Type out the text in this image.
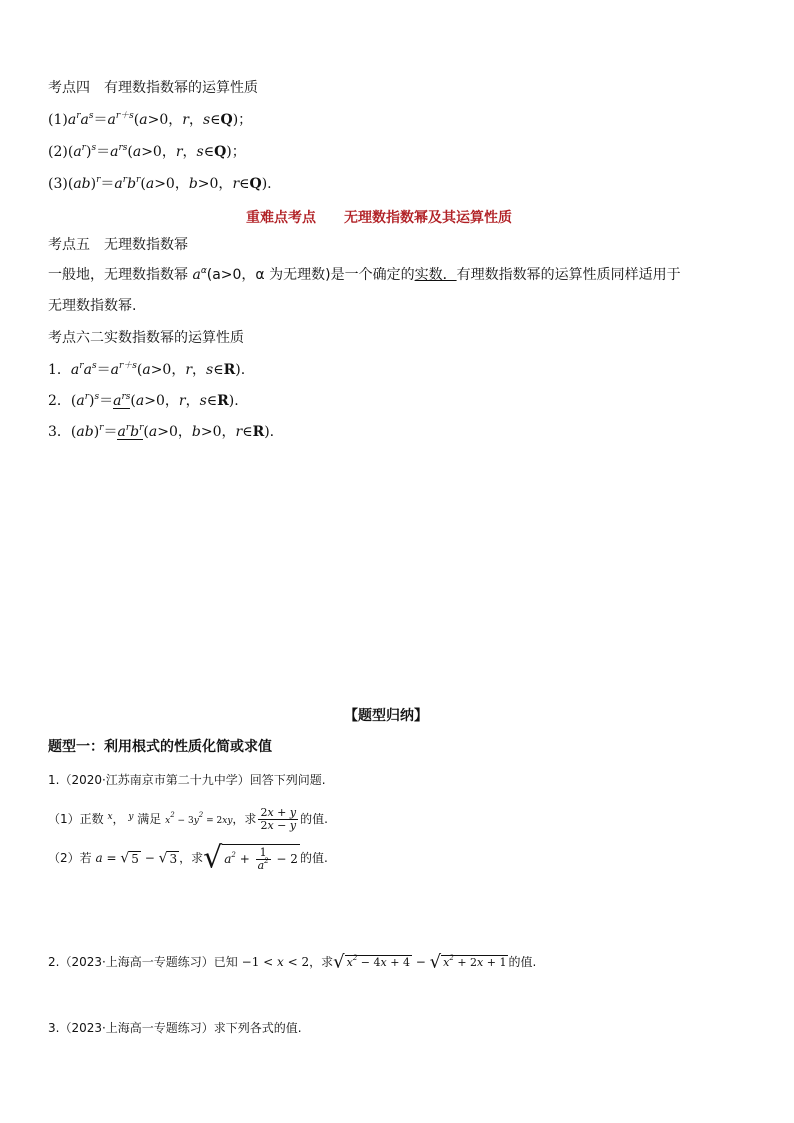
考点四　有理数指数幂的运算性质
$(1)a^ra^s=a^{r+s}(a>0$，r，s∈Q)；
$(2)(a^r)^s=a^{rs}(a>0$，r，s∈Q)；
$(3)(ab)^r=a^rb^r(a>0$，b>0，r∈Q).
重难点考点　　无理数指数幂及其运算性质
考点五　无理数指数幂
一般地，无理数指数幂 $a^\alpha(a>0$，α 为无理数)是一个确定的实数．有理数指数幂的运算性质同样适用于
无理数指数幂.
考点六二实数指数幂的运算性质
1．$a^ra^s=a^{r+s}(a>0$，r，s∈R).
2．$(a^r)^s=a^{rs}(a>0$，r，s∈R).
3．$(ab)^r=a^rb^r(a>0$，b>0，r∈R).
【题型归纳】
题型一：利用根式的性质化简或求值
1.（2020·江苏南京市第二十九中学）回答下列问题.
（1）正数 $^x$， $^y$ 满足 $x^2 - 3y^2 = 2xy$，求 $\frac{2x + y}{2x - y}$ 的值.
（2）若 a = √ 5 − √ 3 ，求√ $a^2 + \frac{1}{a^2} - 2$ 的值.
2.（2023·上海高一专题练习）已知 −1 < x < 2，求√ $x^2 - 4x + 4$ − √ $x^2 + 2x + 1$ 的值.
3.（2023·上海高一专题练习）求下列各式的值.
